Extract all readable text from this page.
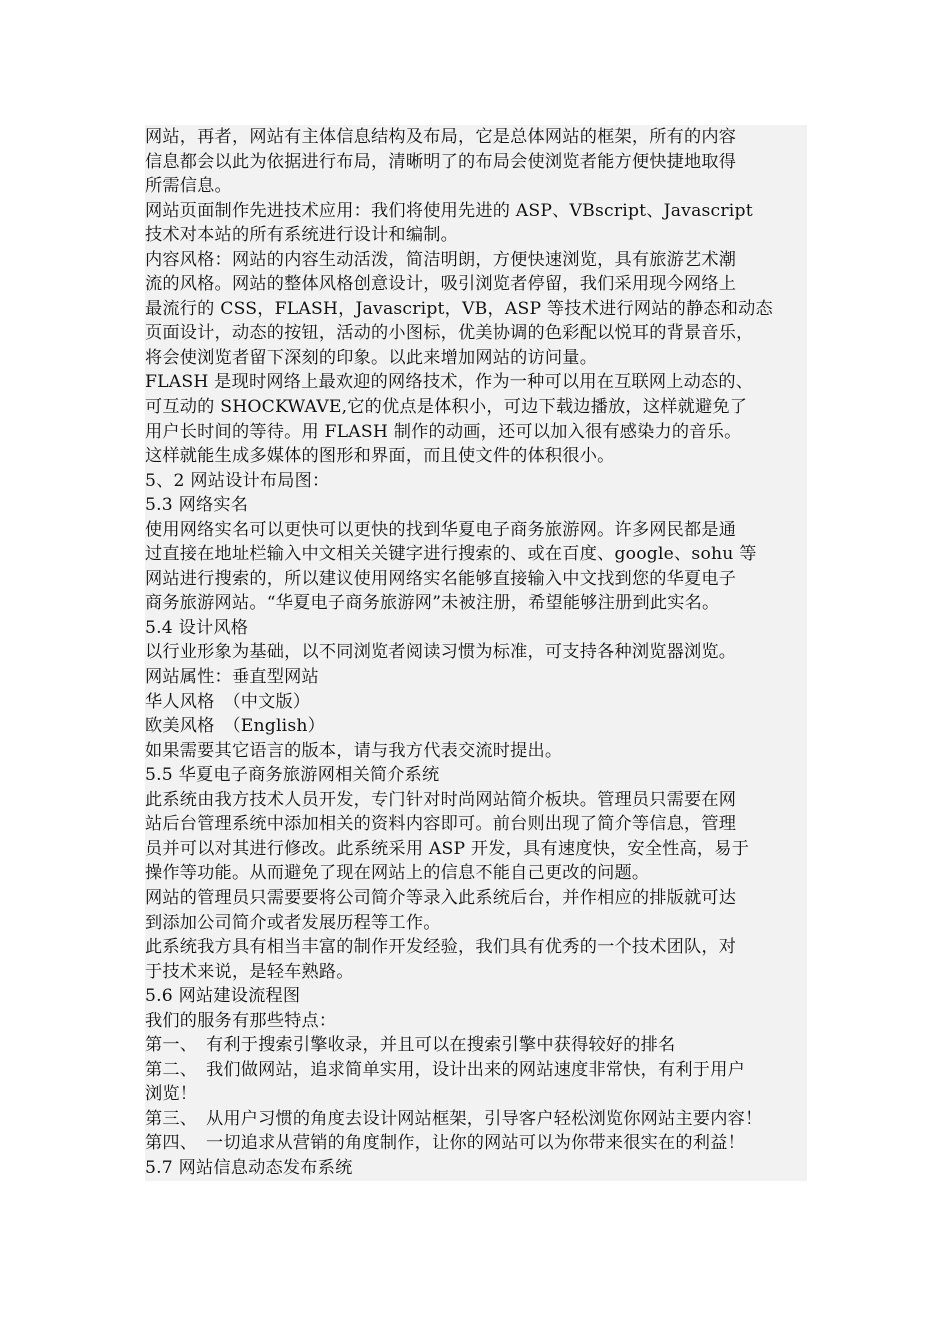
网站，再者，网站有主体信息结构及布局，它是总体网站的框架，所有的内容
信息都会以此为依据进行布局，清晰明了的布局会使浏览者能方便快捷地取得
所需信息。
网站页面制作先进技术应用：我们将使用先进的 ASP、VBscript、Javascript
技术对本站的所有系统进行设计和编制。
内容风格：网站的内容生动活泼，简洁明朗，方便快速浏览，具有旅游艺术潮
流的风格。网站的整体风格创意设计，吸引浏览者停留，我们采用现今网络上
最流行的 CSS，FLASH，Javascript，VB，ASP 等技术进行网站的静态和动态
页面设计，动态的按钮，活动的小图标，优美协调的色彩配以悦耳的背景音乐，
将会使浏览者留下深刻的印象。以此来增加网站的访问量。
FLASH 是现时网络上最欢迎的网络技术，作为一种可以用在互联网上动态的、
可互动的 SHOCKWAVE,它的优点是体积小，可边下载边播放，这样就避免了
用户长时间的等待。用 FLASH 制作的动画，还可以加入很有感染力的音乐。
这样就能生成多媒体的图形和界面，而且使文件的体积很小。
5、2 网站设计布局图：
5.3 网络实名
使用网络实名可以更快可以更快的找到华夏电子商务旅游网。许多网民都是通
过直接在地址栏输入中文相关关键字进行搜索的、或在百度、google、sohu 等
网站进行搜索的，所以建议使用网络实名能够直接输入中文找到您的华夏电子
商务旅游网站。“华夏电子商务旅游网”未被注册，希望能够注册到此实名。
5.4 设计风格
以行业形象为基础，以不同浏览者阅读习惯为标准，可支持各种浏览器浏览。
网站属性：垂直型网站
华人风格　（中文版）
欧美风格　（English）
如果需要其它语言的版本，请与我方代表交流时提出。
5.5 华夏电子商务旅游网相关简介系统
此系统由我方技术人员开发，专门针对时尚网站简介板块。管理员只需要在网
站后台管理系统中添加相关的资料内容即可。前台则出现了简介等信息，管理
员并可以对其进行修改。此系统采用 ASP 开发，具有速度快，安全性高，易于
操作等功能。从而避免了现在网站上的信息不能自己更改的问题。
网站的管理员只需要要将公司简介等录入此系统后台，并作相应的排版就可达
到添加公司简介或者发展历程等工作。
此系统我方具有相当丰富的制作开发经验，我们具有优秀的一个技术团队，对
于技术来说，是轻车熟路。
5.6 网站建设流程图
我们的服务有那些特点：
第一、　有利于搜索引擎收录，并且可以在搜索引擎中获得较好的排名
第二、　我们做网站，追求简单实用，设计出来的网站速度非常快，有利于用户
浏览！
第三、　从用户习惯的角度去设计网站框架，引导客户轻松浏览你网站主要内容！
第四、　一切追求从营销的角度制作，让你的网站可以为你带来很实在的利益！
5.7 网站信息动态发布系统
